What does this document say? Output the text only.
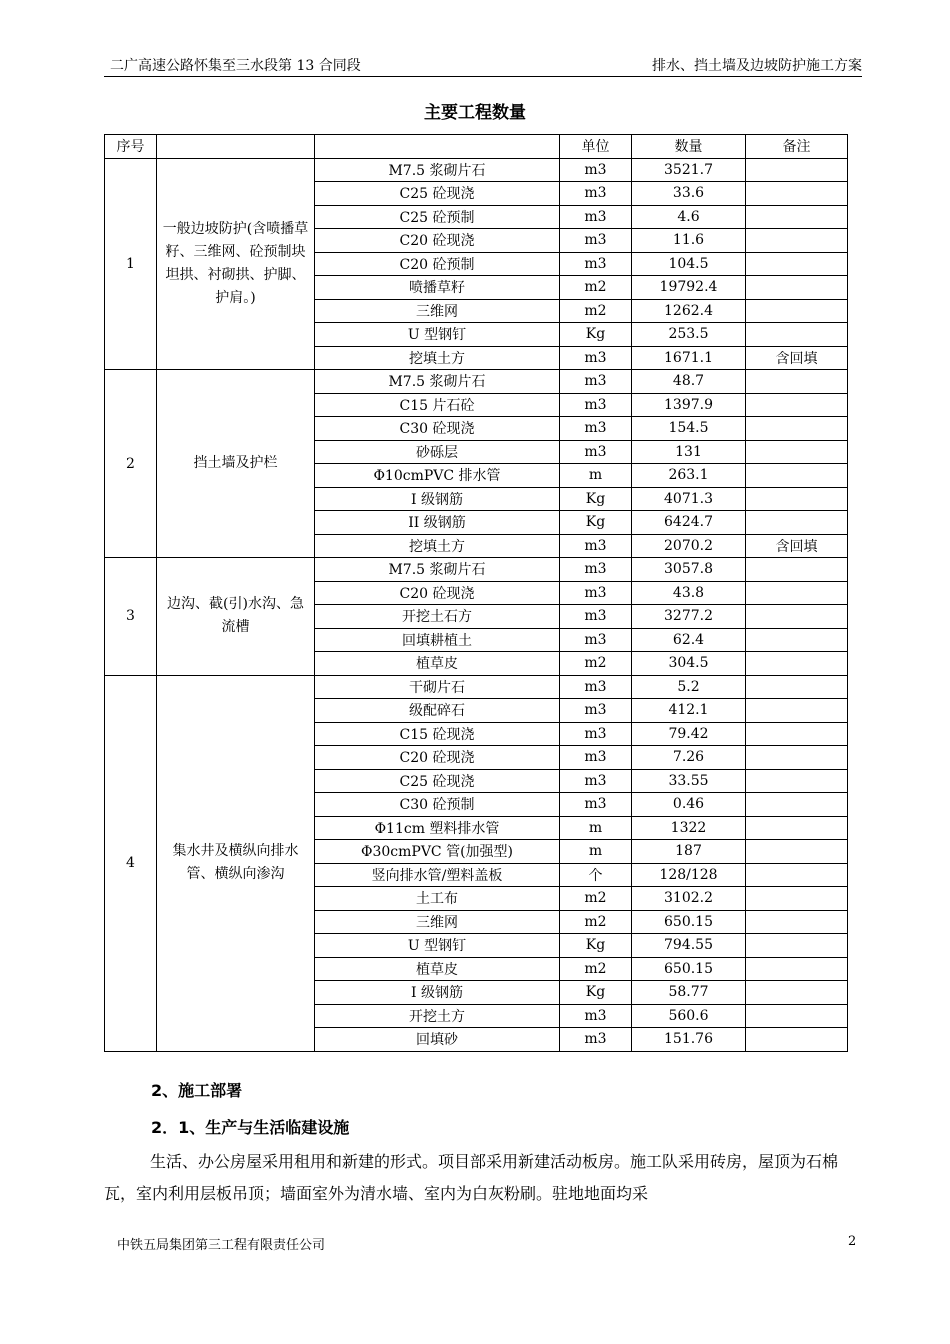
二广高速公路怀集至三水段第 13 合同段	排水、挡土墙及边坡防护施工方案
主要工程数量
序号			单位	数量	备注
1	一般边坡防护(含喷播草籽、三维网、砼预制块坦拱、衬砌拱、护脚、护肩。)	M7.5 浆砌片石	m3	3521.7	
		C25 砼现浇	m3	33.6	
		C25 砼预制	m3	4.6	
		C20 砼现浇	m3	11.6	
		C20 砼预制	m3	104.5	
		喷播草籽	m2	19792.4	
		三维网	m2	1262.4	
		U 型钢钉	Kg	253.5	
		挖填土方	m3	1671.1	含回填
2	挡土墙及护栏	M7.5 浆砌片石	m3	48.7	
		C15 片石砼	m3	1397.9	
		C30 砼现浇	m3	154.5	
		砂砾层	m3	131	
		Φ10cmPVC 排水管	m	263.1	
		I 级钢筋	Kg	4071.3	
		II 级钢筋	Kg	6424.7	
		挖填土方	m3	2070.2	含回填
3	边沟、截(引)水沟、急流槽	M7.5 浆砌片石	m3	3057.8	
		C20 砼现浇	m3	43.8	
		开挖土石方	m3	3277.2	
		回填耕植土	m3	62.4	
		植草皮	m2	304.5	
4	集水井及横纵向排水管、横纵向渗沟	干砌片石	m3	5.2	
		级配碎石	m3	412.1	
		C15 砼现浇	m3	79.42	
		C20 砼现浇	m3	7.26	
		C25 砼现浇	m3	33.55	
		C30 砼预制	m3	0.46	
		Φ11cm 塑料排水管	m	1322	
		Φ30cmPVC 管(加强型)	m	187	
		竖向排水管/塑料盖板	个	128/128	
		土工布	m2	3102.2	
		三维网	m2	650.15	
		U 型钢钉	Kg	794.55	
		植草皮	m2	650.15	
		I 级钢筋	Kg	58.77	
		开挖土方	m3	560.6	
		回填砂	m3	151.76	
2、施工部署
2．1、生产与生活临建设施
生活、办公房屋采用租用和新建的形式。项目部采用新建活动板房。施工队采用砖房，屋顶为石棉瓦，室内利用层板吊顶；墙面室外为清水墙、室内为白灰粉刷。驻地地面均采
中铁五局集团第三工程有限责任公司	2
